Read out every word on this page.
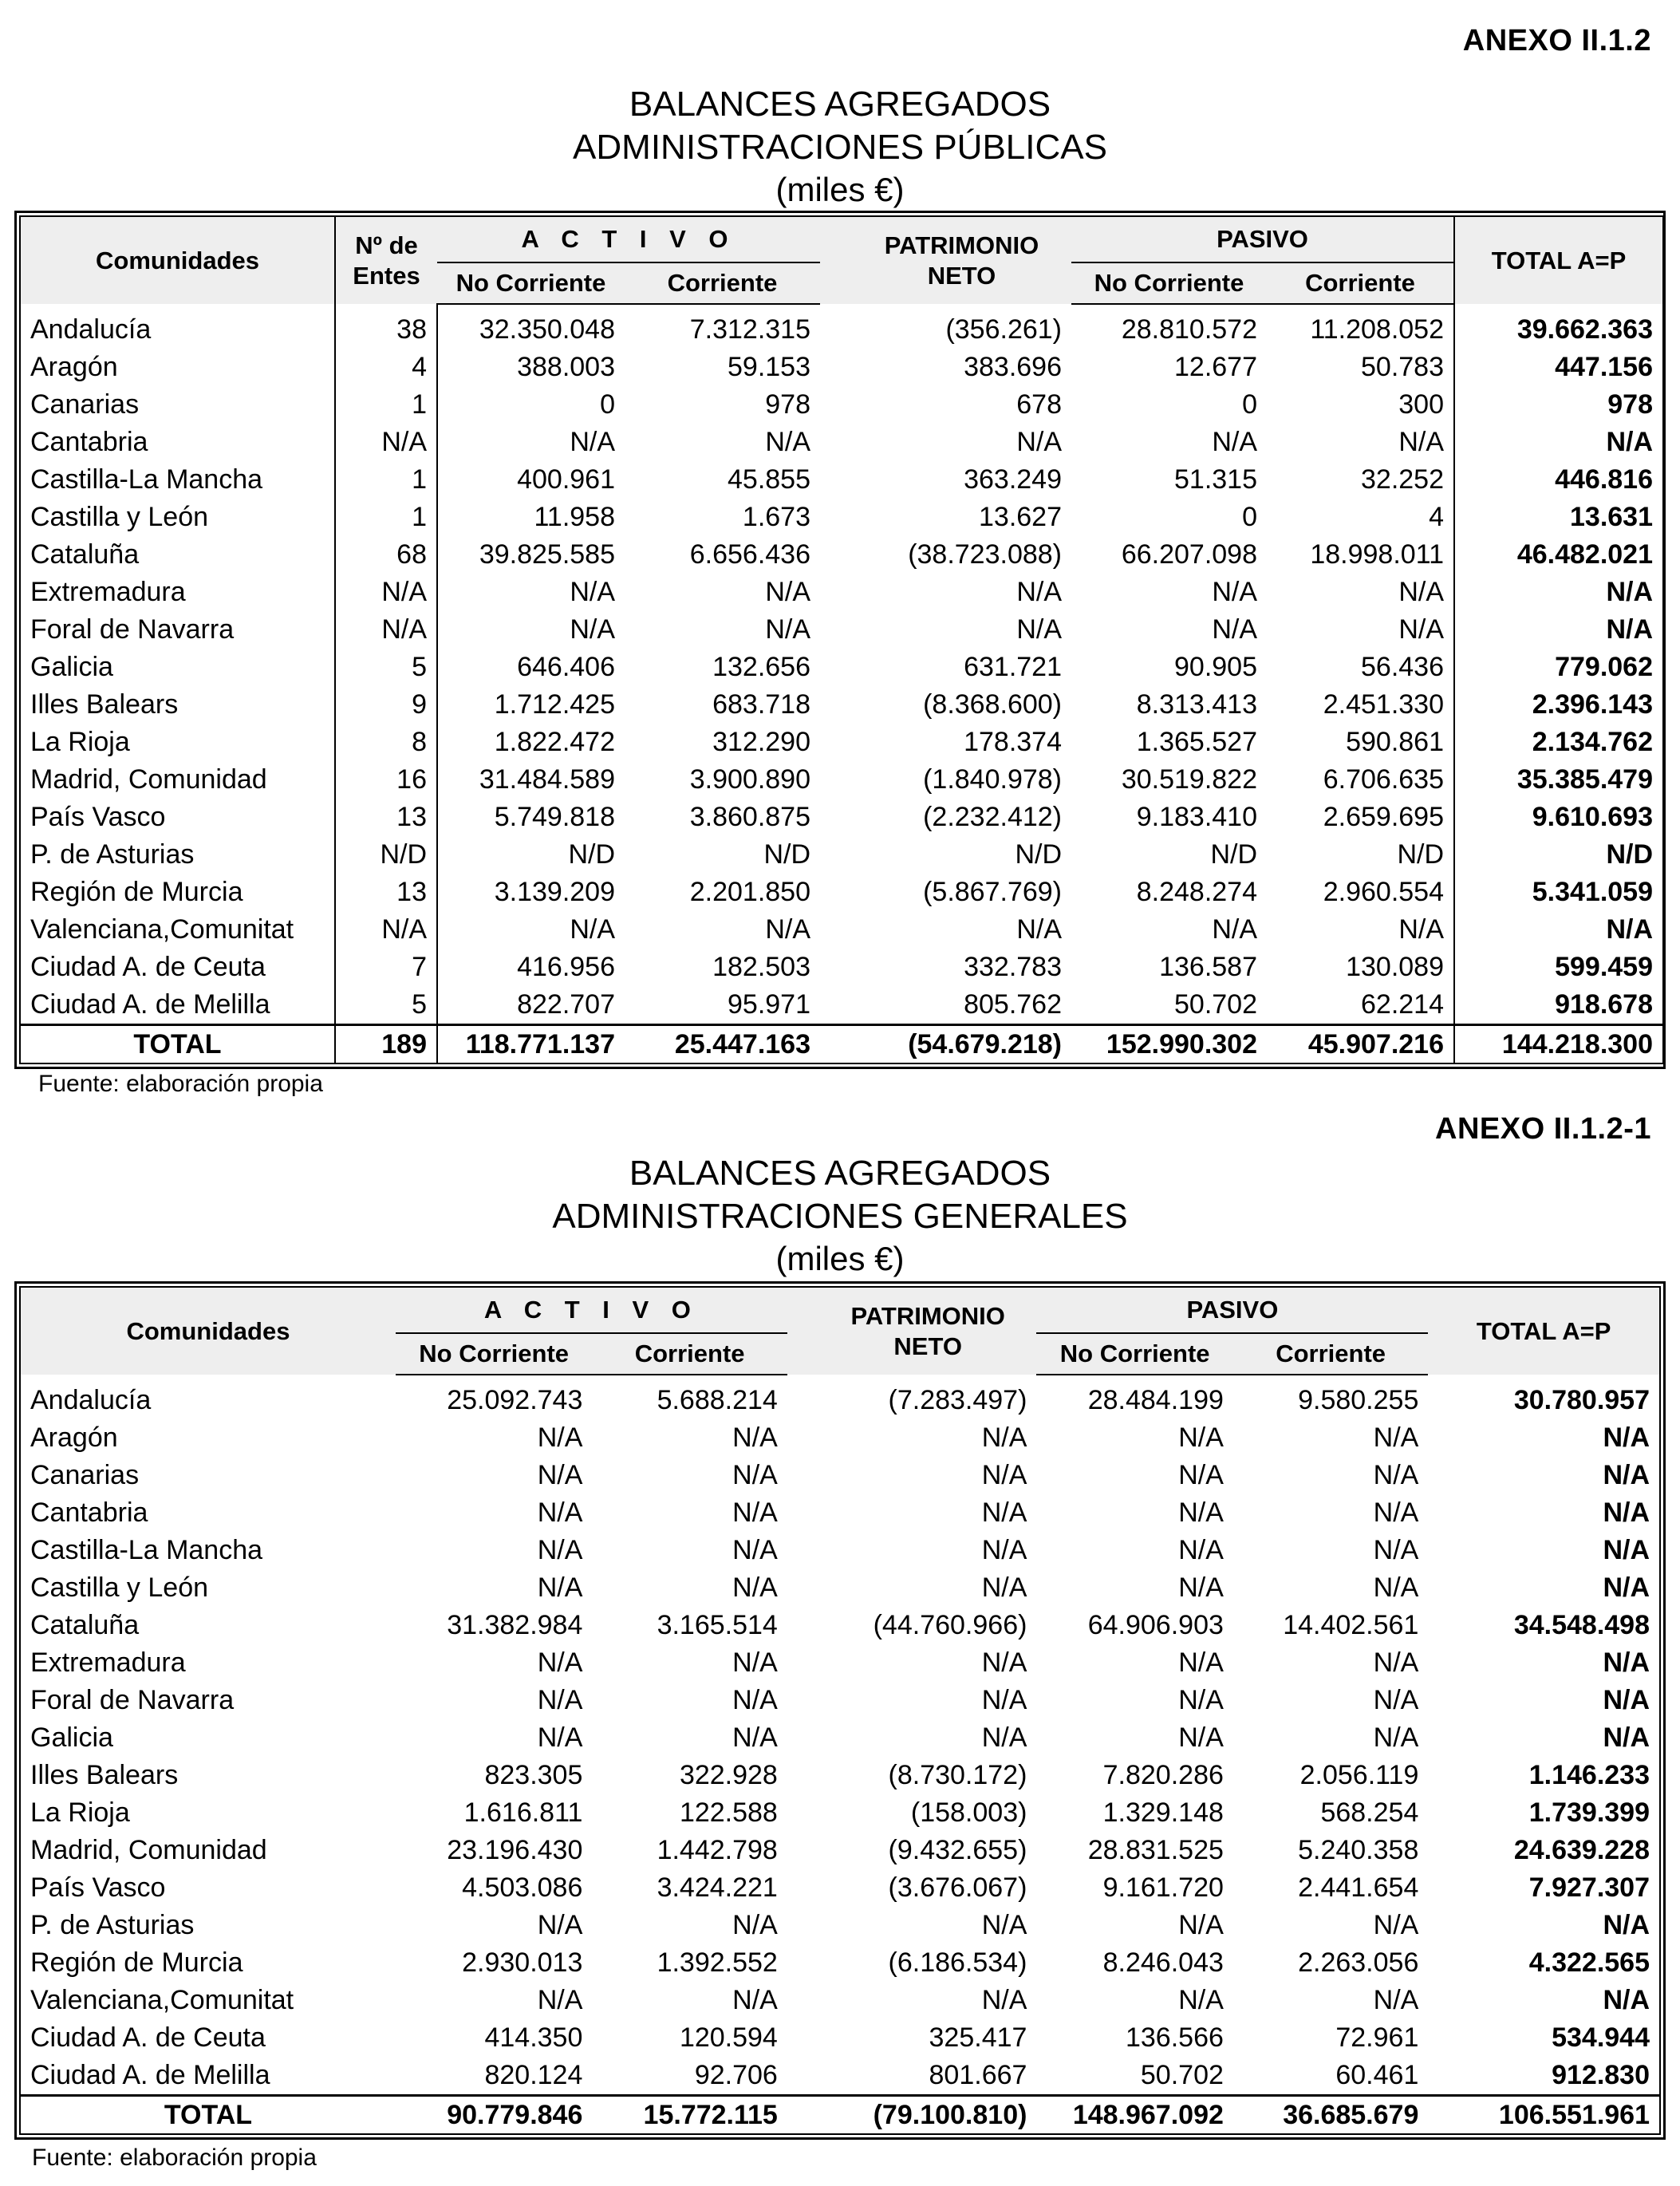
ANEXO II.1.2
BALANCES AGREGADOS
ADMINISTRACIONES PÚBLICAS
(miles €)
Comunidades	Nº de Entes	A C T I V O			PATRIMONIO NETO	PASIVO		TOTAL A=P
		No Corriente	Corriente			No Corriente	Corriente	
Andalucía	38	32.350.048	7.312.315		(356.261)	28.810.572	11.208.052	39.662.363
Aragón	4	388.003	59.153		383.696	12.677	50.783	447.156
Canarias	1	0	978		678	0	300	978
Cantabria	N/A	N/A	N/A		N/A	N/A	N/A	N/A
Castilla-La Mancha	1	400.961	45.855		363.249	51.315	32.252	446.816
Castilla y León	1	11.958	1.673		13.627	0	4	13.631
Cataluña	68	39.825.585	6.656.436		(38.723.088)	66.207.098	18.998.011	46.482.021
Extremadura	N/A	N/A	N/A		N/A	N/A	N/A	N/A
Foral de Navarra	N/A	N/A	N/A		N/A	N/A	N/A	N/A
Galicia	5	646.406	132.656		631.721	90.905	56.436	779.062
Illes Balears	9	1.712.425	683.718		(8.368.600)	8.313.413	2.451.330	2.396.143
La Rioja	8	1.822.472	312.290		178.374	1.365.527	590.861	2.134.762
Madrid, Comunidad	16	31.484.589	3.900.890		(1.840.978)	30.519.822	6.706.635	35.385.479
País Vasco	13	5.749.818	3.860.875		(2.232.412)	9.183.410	2.659.695	9.610.693
P. de Asturias	N/D	N/D	N/D		N/D	N/D	N/D	N/D
Región de Murcia	13	3.139.209	2.201.850		(5.867.769)	8.248.274	2.960.554	5.341.059
Valenciana,Comunitat	N/A	N/A	N/A		N/A	N/A	N/A	N/A
Ciudad A. de Ceuta	7	416.956	182.503		332.783	136.587	130.089	599.459
Ciudad A. de Melilla	5	822.707	95.971		805.762	50.702	62.214	918.678
TOTAL	189	118.771.137	25.447.163		(54.679.218)	152.990.302	45.907.216	144.218.300
Fuente: elaboración propia
ANEXO II.1.2-1
BALANCES AGREGADOS
ADMINISTRACIONES GENERALES
(miles €)
Comunidades	A C T I V O			PATRIMONIO NETO	PASIVO		TOTAL A=P
	No Corriente	Corriente			No Corriente	Corriente	
Andalucía	25.092.743	5.688.214		(7.283.497)	28.484.199	9.580.255	30.780.957
Aragón	N/A	N/A		N/A	N/A	N/A	N/A
Canarias	N/A	N/A		N/A	N/A	N/A	N/A
Cantabria	N/A	N/A		N/A	N/A	N/A	N/A
Castilla-La Mancha	N/A	N/A		N/A	N/A	N/A	N/A
Castilla y León	N/A	N/A		N/A	N/A	N/A	N/A
Cataluña	31.382.984	3.165.514		(44.760.966)	64.906.903	14.402.561	34.548.498
Extremadura	N/A	N/A		N/A	N/A	N/A	N/A
Foral de Navarra	N/A	N/A		N/A	N/A	N/A	N/A
Galicia	N/A	N/A		N/A	N/A	N/A	N/A
Illes Balears	823.305	322.928		(8.730.172)	7.820.286	2.056.119	1.146.233
La Rioja	1.616.811	122.588		(158.003)	1.329.148	568.254	1.739.399
Madrid, Comunidad	23.196.430	1.442.798		(9.432.655)	28.831.525	5.240.358	24.639.228
País Vasco	4.503.086	3.424.221		(3.676.067)	9.161.720	2.441.654	7.927.307
P. de Asturias	N/A	N/A		N/A	N/A	N/A	N/A
Región de Murcia	2.930.013	1.392.552		(6.186.534)	8.246.043	2.263.056	4.322.565
Valenciana,Comunitat	N/A	N/A		N/A	N/A	N/A	N/A
Ciudad A. de Ceuta	414.350	120.594		325.417	136.566	72.961	534.944
Ciudad A. de Melilla	820.124	92.706		801.667	50.702	60.461	912.830
TOTAL	90.779.846	15.772.115		(79.100.810)	148.967.092	36.685.679	106.551.961
Fuente: elaboración propia
